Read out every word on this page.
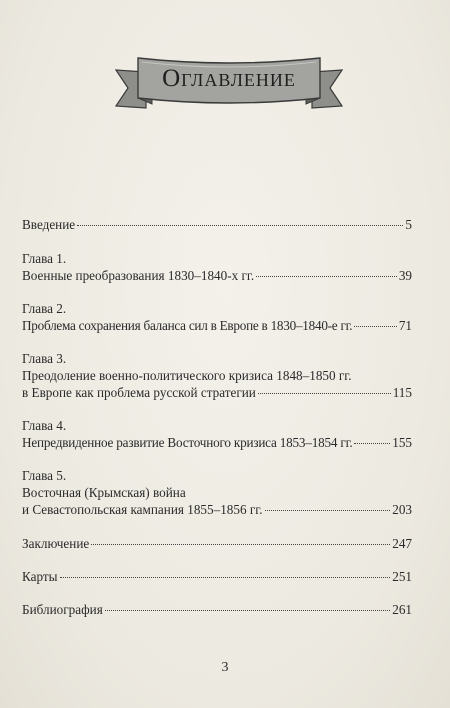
Оглавление
Введение	5
Глава 1.
Военные преобразования 1830–1840-х гг.	39
Глава 2.
Проблема сохранения баланса сил в Европе в 1830–1840-е гг.	71
Глава 3.
Преодоление военно-политического кризиса 1848–1850 гг.
в Европе как проблема русской стратегии	115
Глава 4.
Непредвиденное развитие Восточного кризиса 1853–1854 гг.	155
Глава 5.
Восточная (Крымская) война
и Севастопольская кампания 1855–1856 гг.	203
Заключение	247
Карты	251
Библиография	261
3
